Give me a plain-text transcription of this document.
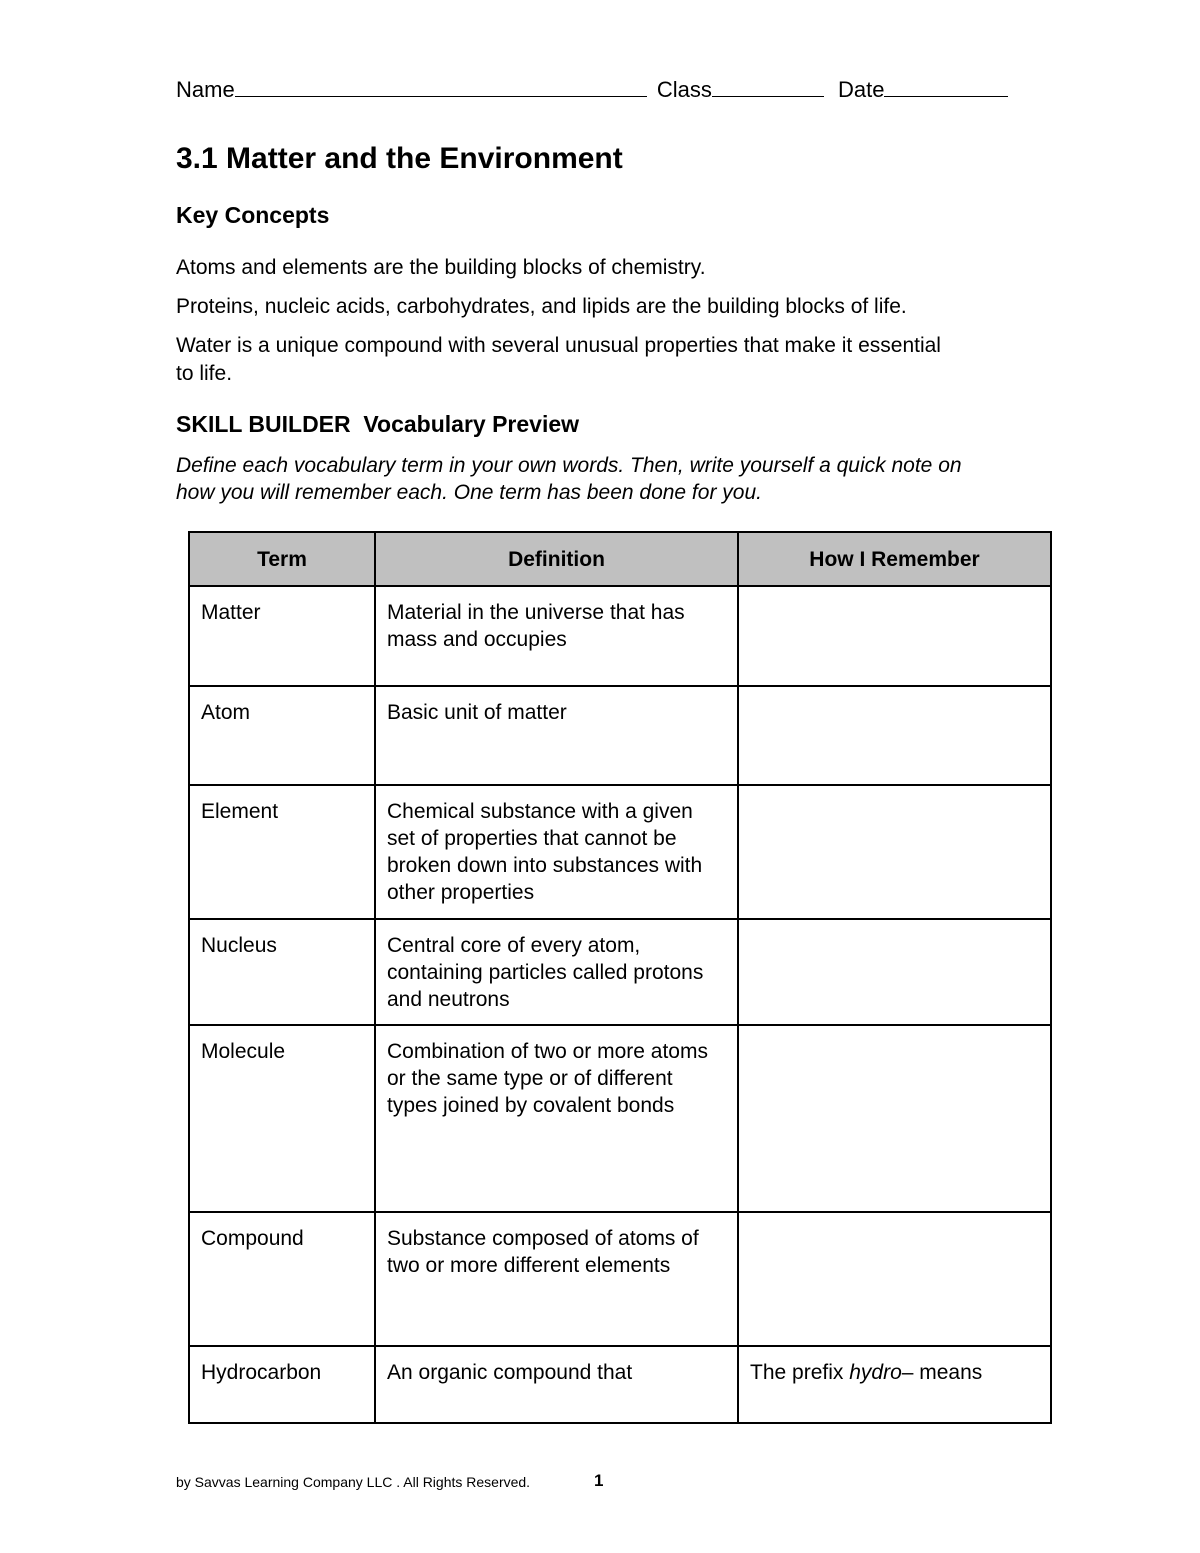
Name	Class	Date
3.1 Matter and the Environment
Key Concepts
Atoms and elements are the building blocks of chemistry.
Proteins, nucleic acids, carbohydrates, and lipids are the building blocks of life.
Water is a unique compound with several unusual properties that make it essential to life.
SKILL BUILDER  Vocabulary Preview
Define each vocabulary term in your own words. Then, write yourself a quick note on how you will remember each. One term has been done for you.
Term	Definition	How I Remember
Matter	Material in the universe that has mass and occupies	
Atom	Basic unit of matter	
Element	Chemical substance with a given set of properties that cannot be broken down into substances with other properties	
Nucleus	Central core of every atom, containing particles called protons and neutrons	
Molecule	Combination of two or more atoms or the same type or of different types joined by covalent bonds	
Compound	Substance composed of atoms of two or more different elements	
Hydrocarbon	An organic compound that	The prefix hydro– means
by Savvas Learning Company LLC . All Rights Reserved.	1
